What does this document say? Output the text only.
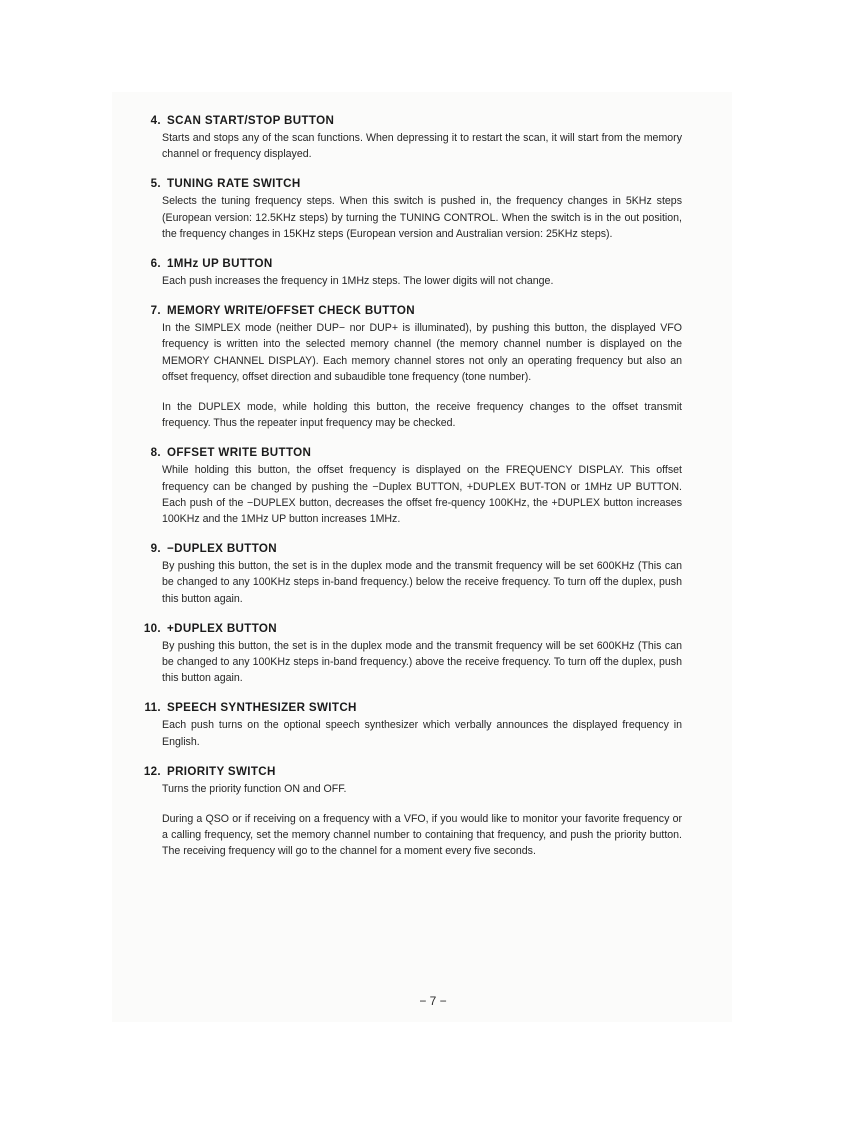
4. SCAN START/STOP BUTTON

Starts and stops any of the scan functions. When depressing it to restart the scan, it will start from the memory channel or frequency displayed.

5. TUNING RATE SWITCH

Selects the tuning frequency steps. When this switch is pushed in, the frequency changes in 5KHz steps (European version: 12.5KHz steps) by turning the TUNING CONTROL. When the switch is in the out position, the frequency changes in 15KHz steps (European version and Australian version: 25KHz steps).

6. 1MHz UP BUTTON

Each push increases the frequency in 1MHz steps. The lower digits will not change.

7. MEMORY WRITE/OFFSET CHECK BUTTON

In the SIMPLEX mode (neither DUP− nor DUP+ is illuminated), by pushing this button, the displayed VFO frequency is written into the selected memory channel (the memory channel number is displayed on the MEMORY CHANNEL DISPLAY). Each memory channel stores not only an operating frequency but also an offset frequency, offset direction and subaudible tone frequency (tone number).

In the DUPLEX mode, while holding this button, the receive frequency changes to the offset transmit frequency. Thus the repeater input frequency may be checked.

8. OFFSET WRITE BUTTON

While holding this button, the offset frequency is displayed on the FREQUENCY DISPLAY. This offset frequency can be changed by pushing the −Duplex BUTTON, +DUPLEX BUT-TON or 1MHz UP BUTTON. Each push of the −DUPLEX button, decreases the offset fre-quency 100KHz, the +DUPLEX button increases 100KHz and the 1MHz UP button increases 1MHz.

9. −DUPLEX BUTTON

By pushing this button, the set is in the duplex mode and the transmit frequency will be set 600KHz (This can be changed to any 100KHz steps in-band frequency.) below the receive frequency. To turn off the duplex, push this button again.

10. +DUPLEX BUTTON

By pushing this button, the set is in the duplex mode and the transmit frequency will be set 600KHz (This can be changed to any 100KHz steps in-band frequency.) above the receive frequency. To turn off the duplex, push this button again.

11. SPEECH SYNTHESIZER SWITCH

Each push turns on the optional speech synthesizer which verbally announces the displayed frequency in English.

12. PRIORITY SWITCH

Turns the priority function ON and OFF.

During a QSO or if receiving on a frequency with a VFO, if you would like to monitor your favorite frequency or a calling frequency, set the memory channel number to containing that frequency, and push the priority button. The receiving frequency will go to the channel for a moment every five seconds.

− 7 −
